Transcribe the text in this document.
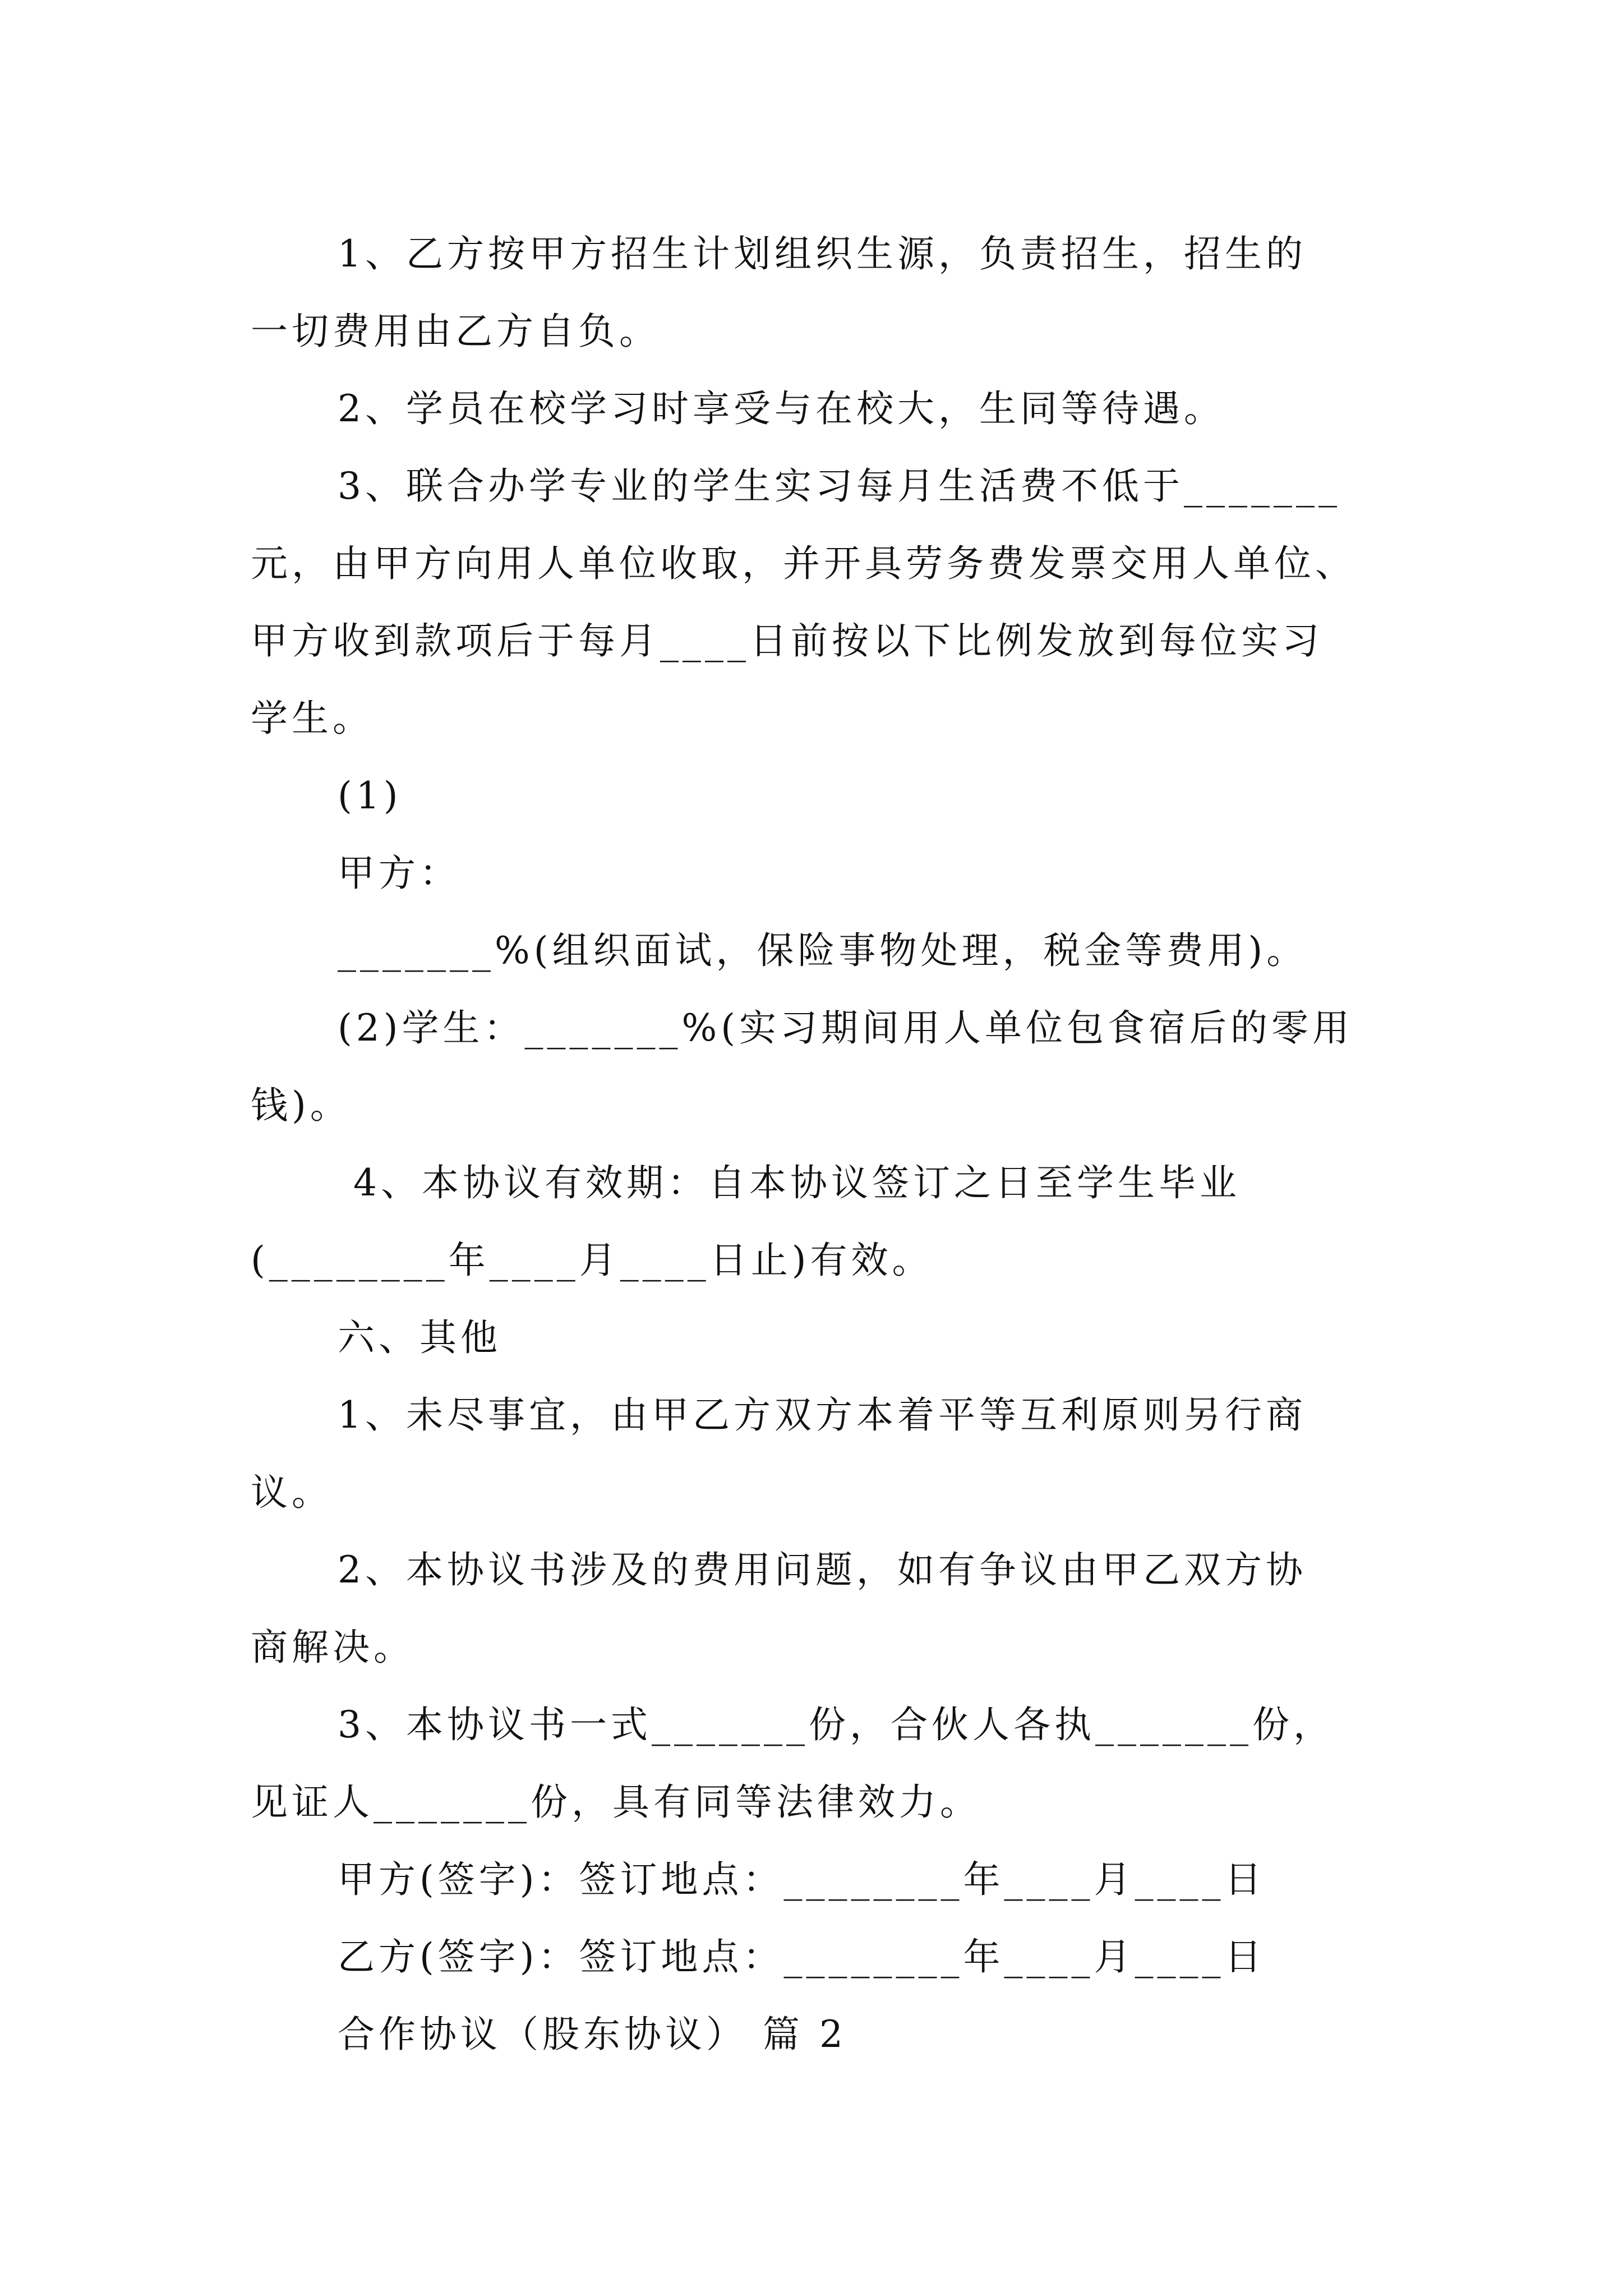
1、乙方按甲方招生计划组织生源，负责招生，招生的
一切费用由乙方自负。
2、学员在校学习时享受与在校大，生同等待遇。
3、联合办学专业的学生实习每月生活费不低于_______
元，由甲方向用人单位收取，并开具劳务费发票交用人单位、
甲方收到款项后于每月____日前按以下比例发放到每位实习
学生。
(1)
甲方：
_______%(组织面试，保险事物处理，税金等费用)。
(2)学生：_______%(实习期间用人单位包食宿后的零用
钱)。
4、本协议有效期：自本协议签订之日至学生毕业
(________年____月____日止)有效。
六、其他
1、未尽事宜，由甲乙方双方本着平等互利原则另行商
议。
2、本协议书涉及的费用问题，如有争议由甲乙双方协
商解决。
3、本协议书一式_______份，合伙人各执_______份，
见证人_______份，具有同等法律效力。
甲方(签字)：签订地点：________年____月____日
乙方(签字)：签订地点：________年____月____日
合作协议（股东协议） 篇 2
